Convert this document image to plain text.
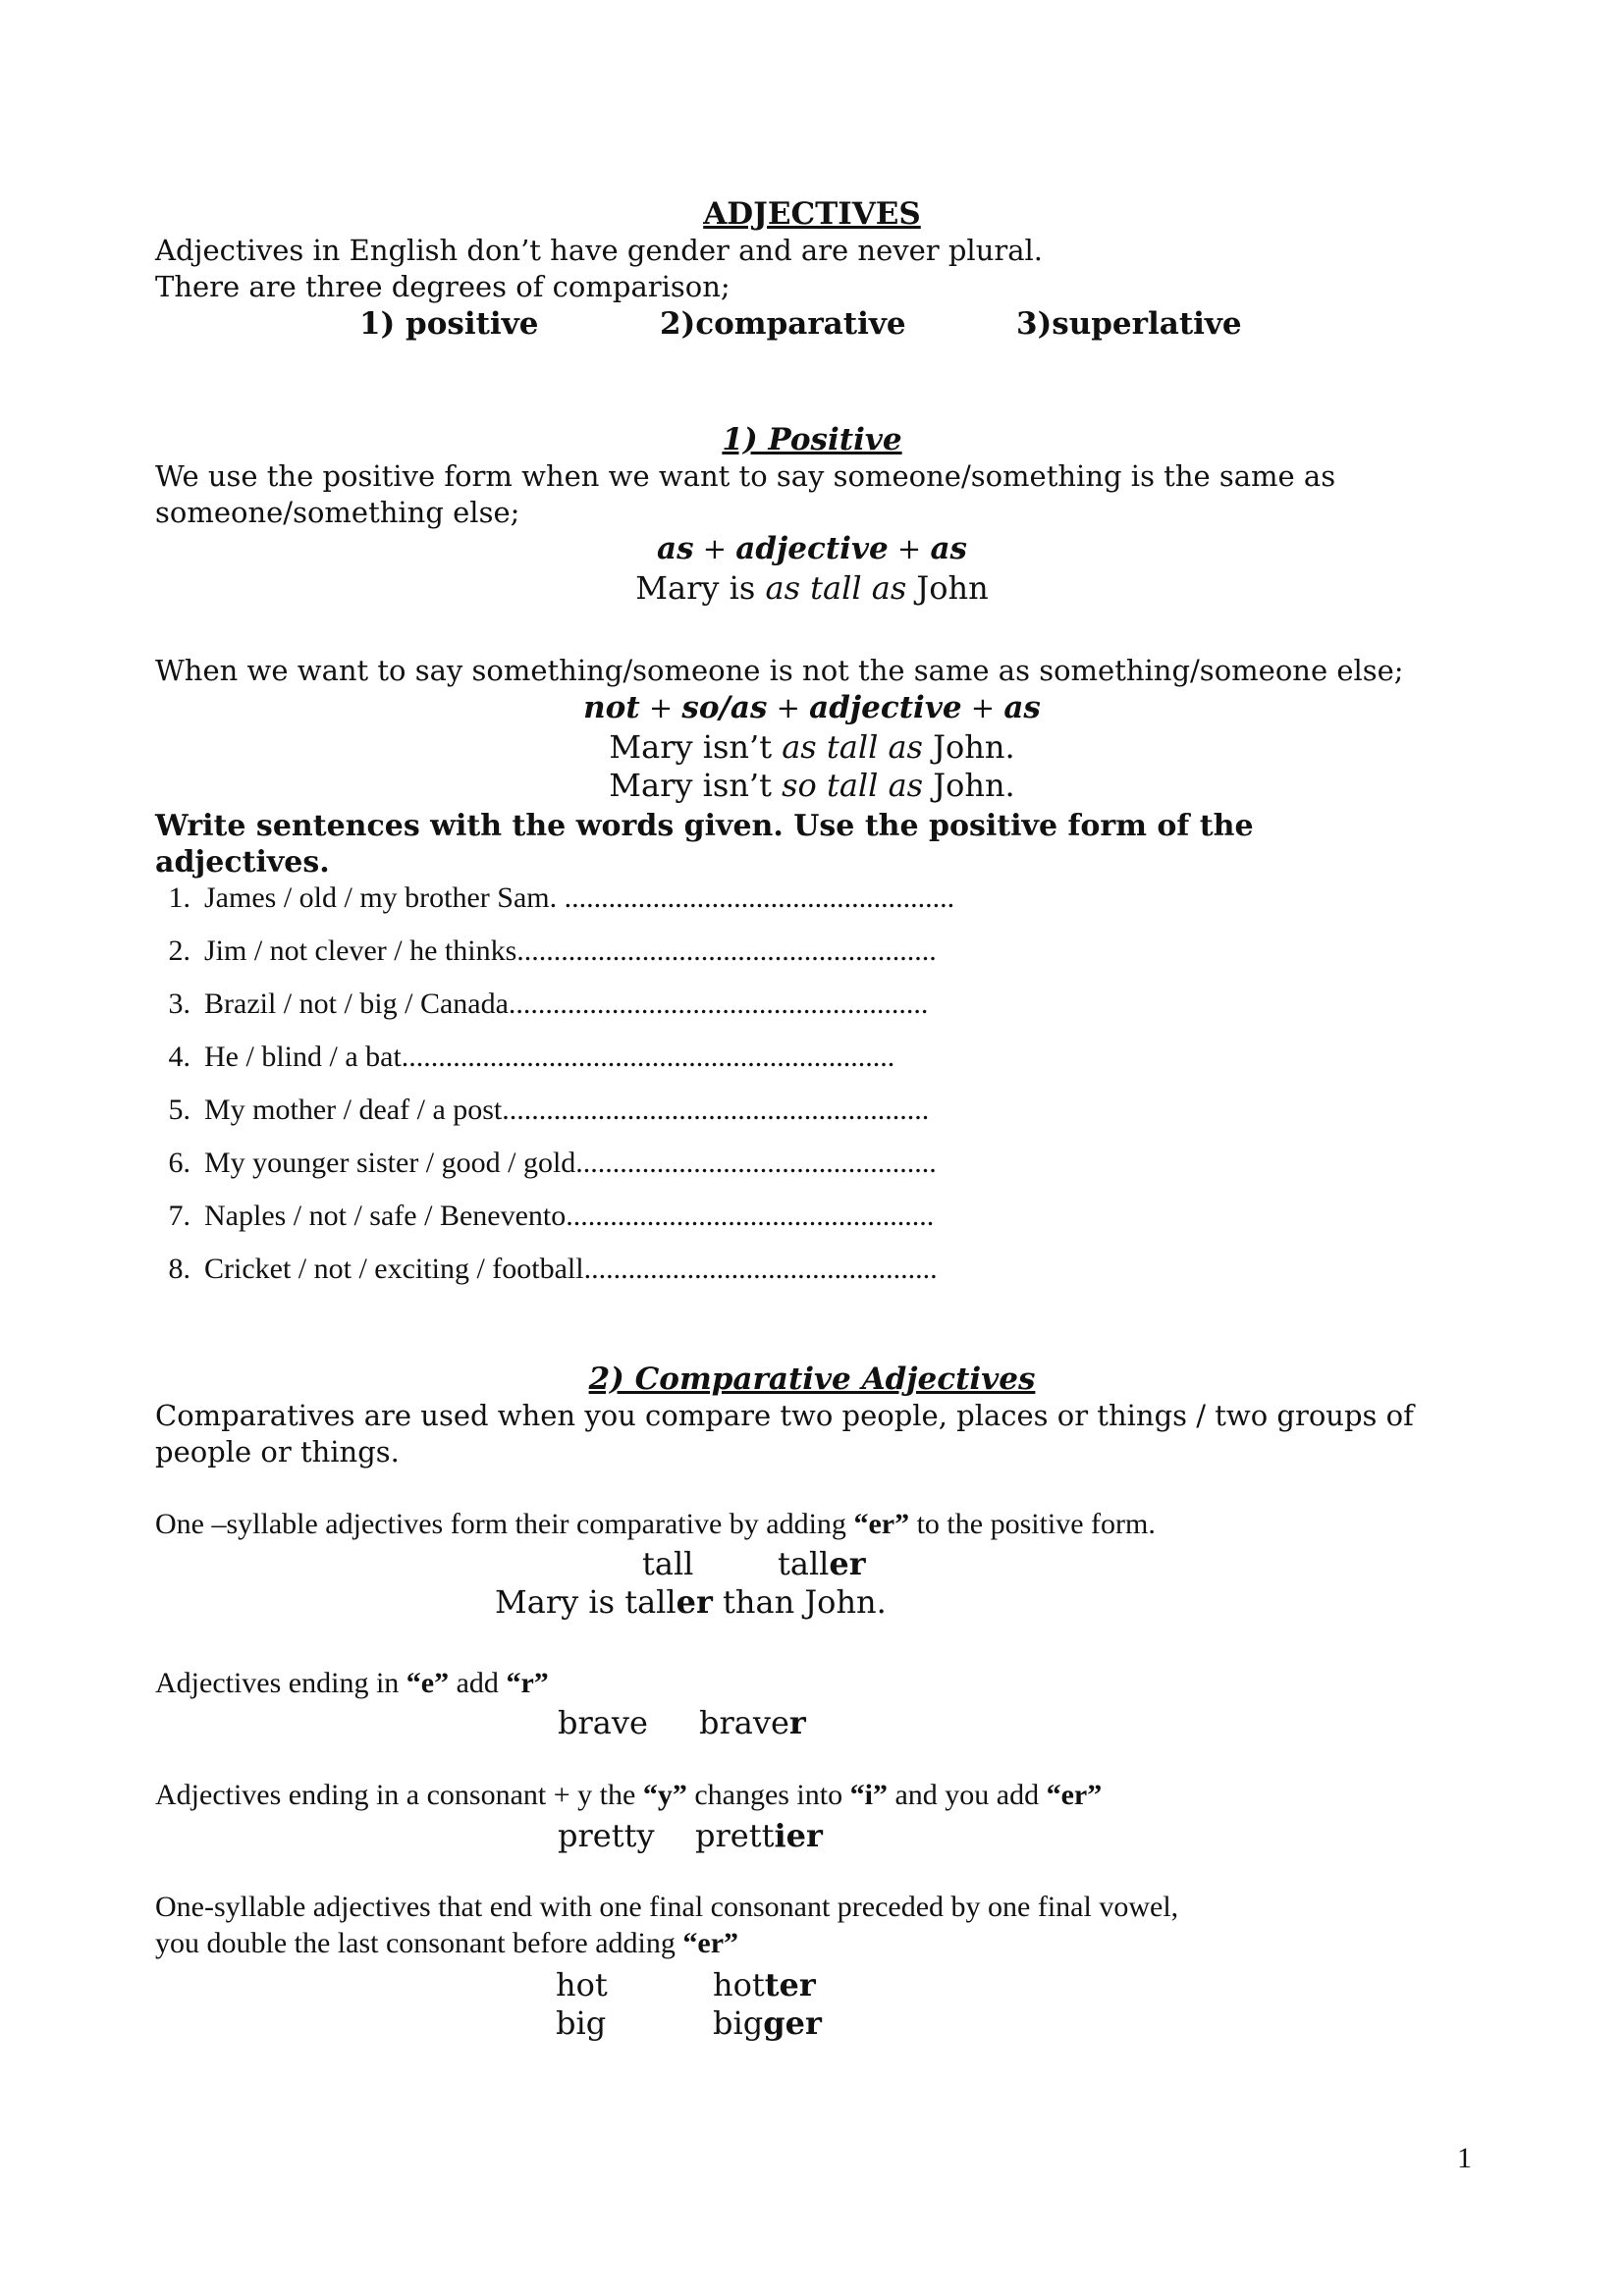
ADJECTIVES
Adjectives in English don’t have gender and are never plural.
There are three degrees of comparison;
1) positive	2)comparative	3)superlative
1) Positive
We use the positive form when we want to say someone/something is the same as
someone/something else;
as + adjective + as
Mary is as tall as John
When we want to say something/someone is not the same as something/someone else;
not + so/as + adjective + as
Mary isn’t as tall as John.
Mary isn’t so tall as John.
Write sentences with the words given. Use the positive form of the
adjectives.
1. James / old / my brother Sam. .....................................................
2. Jim / not clever / he thinks.........................................................
3. Brazil / not / big / Canada.........................................................
4. He / blind / a bat...................................................................
5. My mother / deaf / a post..........................................................
6. My younger sister / good / gold.................................................
7. Naples / not / safe / Benevento..................................................
8. Cricket / not / exciting / football................................................
2) Comparative Adjectives
Comparatives are used when you compare two people, places or things / two groups of
people or things.
One –syllable adjectives form their comparative by adding “er” to the positive form.
tall	taller
Mary is taller than John.
Adjectives ending in “e” add “r”
brave braver
Adjectives ending in a consonant + y the “y” changes into “i” and you add “er”
pretty prettier
One-syllable adjectives that end with one final consonant preceded by one final vowel,
you double the last consonant before adding “er”
hot	hotter
big	bigger
1
